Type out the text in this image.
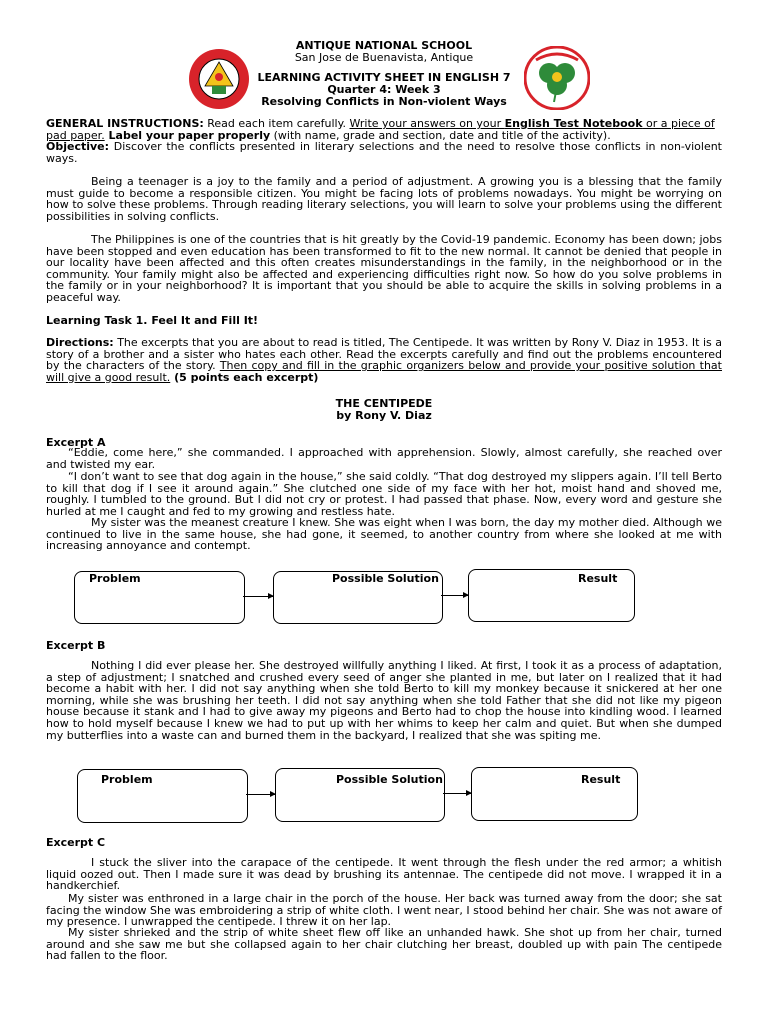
ANTIQUE NATIONAL SCHOOL
San Jose de Buenavista, Antique
LEARNING ACTIVITY SHEET IN ENGLISH 7
Quarter 4: Week 3
Resolving Conflicts in Non-violent Ways
GENERAL INSTRUCTIONS: Read each item carefully. Write your answers on your English Test Notebook or a piece of pad paper. Label your paper properly (with name, grade and section, date and title of the activity).
Objective: Discover the conflicts presented in literary selections and the need to resolve those conflicts in non-violent ways.
Being a teenager is a joy to the family and a period of adjustment. A growing you is a blessing that the family must guide to become a responsible citizen. You might be facing lots of problems nowadays. You might be worrying on how to solve these problems. Through reading literary selections, you will learn to solve your problems using the different possibilities in solving conflicts.
The Philippines is one of the countries that is hit greatly by the Covid-19 pandemic. Economy has been down; jobs have been stopped and even education has been transformed to fit to the new normal. It cannot be denied that people in our locality have been affected and this often creates misunderstandings in the family, in the neighborhood or in the community. Your family might also be affected and experiencing difficulties right now. So how do you solve problems in the family or in your neighborhood? It is important that you should be able to acquire the skills in solving problems in a peaceful way.
Learning Task 1. Feel It and Fill It!
Directions: The excerpts that you are about to read is titled, The Centipede. It was written by Rony V. Diaz in 1953. It is a story of a brother and a sister who hates each other. Read the excerpts carefully and find out the problems encountered by the characters of the story. Then copy and fill in the graphic organizers below and provide your positive solution that will give a good result. (5 points each excerpt)
THE CENTIPEDE
by Rony V. Diaz
Excerpt A
“Eddie, come here,” she commanded. I approached with apprehension. Slowly, almost carefully, she reached over and twisted my ear.
“I don’t want to see that dog again in the house,” she said coldly. “That dog destroyed my slippers again. I’ll tell Berto to kill that dog if I see it around again.” She clutched one side of my face with her hot, moist hand and shoved me, roughly. I tumbled to the ground. But I did not cry or protest. I had passed that phase. Now, every word and gesture she hurled at me I caught and fed to my growing and restless hate.
My sister was the meanest creature I knew. She was eight when I was born, the day my mother died. Although we continued to live in the same house, she had gone, it seemed, to another country from where she looked at me with increasing annoyance and contempt.
Problem	Possible Solution	Result
Excerpt B
Nothing I did ever please her. She destroyed willfully anything I liked. At first, I took it as a process of adaptation, a step of adjustment; I snatched and crushed every seed of anger she planted in me, but later on I realized that it had become a habit with her. I did not say anything when she told Berto to kill my monkey because it snickered at her one morning, while she was brushing her teeth. I did not say anything when she told Father that she did not like my pigeon house because it stank and I had to give away my pigeons and Berto had to chop the house into kindling wood. I learned how to hold myself because I knew we had to put up with her whims to keep her calm and quiet. But when she dumped my butterflies into a waste can and burned them in the backyard, I realized that she was spiting me.
Problem	Possible Solution	Result
Excerpt C
I stuck the sliver into the carapace of the centipede. It went through the flesh under the red armor; a whitish liquid oozed out. Then I made sure it was dead by brushing its antennae. The centipede did not move. I wrapped it in a handkerchief.
My sister was enthroned in a large chair in the porch of the house. Her back was turned away from the door; she sat facing the window She was embroidering a strip of white cloth. I went near, I stood behind her chair. She was not aware of my presence. I unwrapped the centipede. I threw it on her lap.
My sister shrieked and the strip of white sheet flew off like an unhanded hawk. She shot up from her chair, turned around and she saw me but she collapsed again to her chair clutching her breast, doubled up with pain The centipede had fallen to the floor.
